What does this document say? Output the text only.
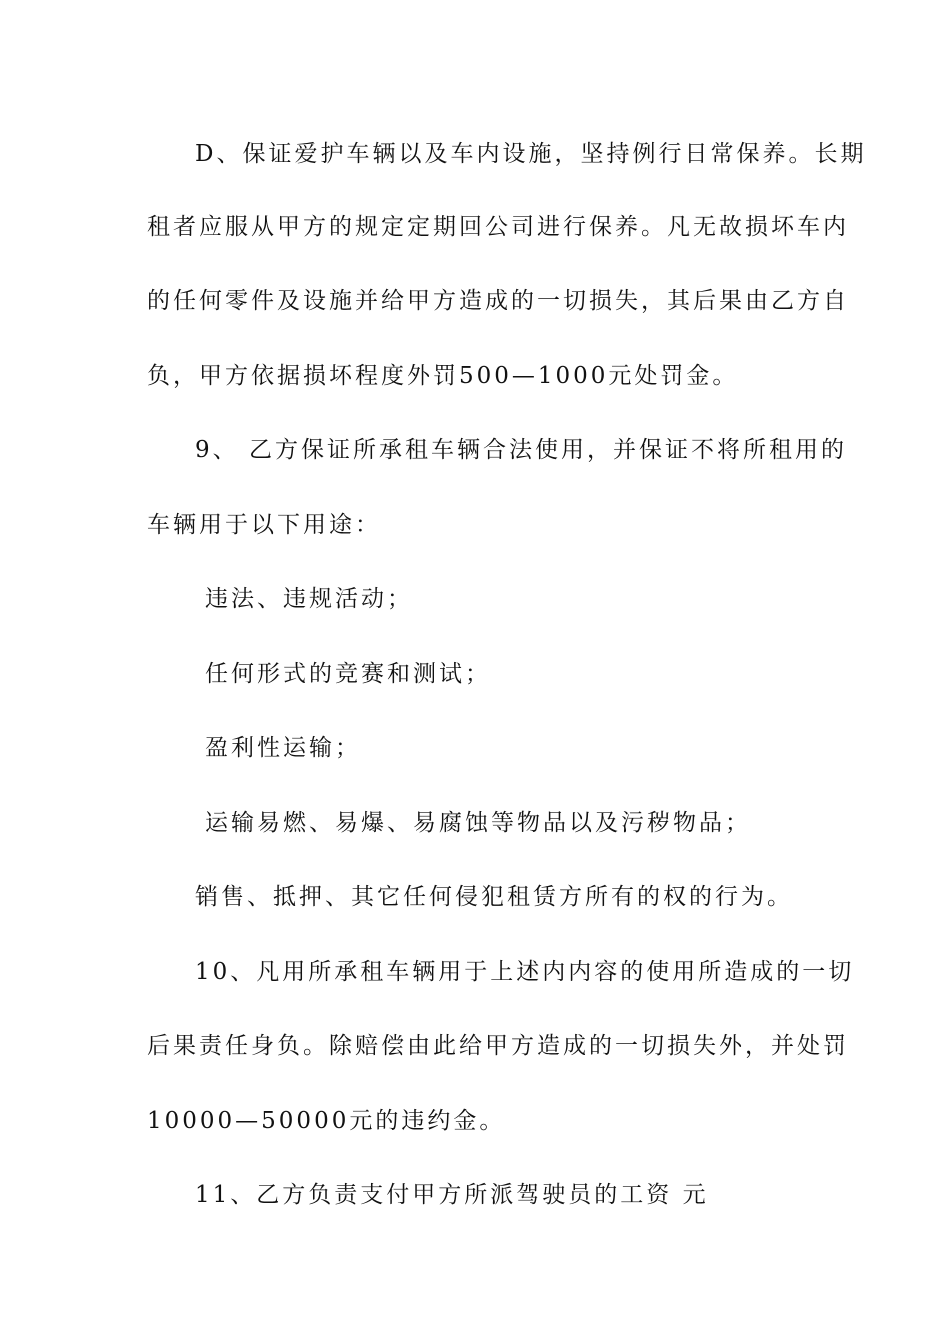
D、保证爱护车辆以及车内设施，坚持例行日常保养。长期
租者应服从甲方的规定定期回公司进行保养。凡无故损坏车内
的任何零件及设施并给甲方造成的一切损失，其后果由乙方自
负，甲方依据损坏程度外罚500—1000元处罚金。
9、 乙方保证所承租车辆合法使用，并保证不将所租用的
车辆用于以下用途：
违法、违规活动；
任何形式的竞赛和测试；
盈利性运输；
运输易燃、易爆、易腐蚀等物品以及污秽物品；
销售、抵押、其它任何侵犯租赁方所有的权的行为。
10、凡用所承租车辆用于上述内内容的使用所造成的一切
后果责任身负。除赔偿由此给甲方造成的一切损失外，并处罚
10000—50000元的违约金。
11、乙方负责支付甲方所派驾驶员的工资 元
